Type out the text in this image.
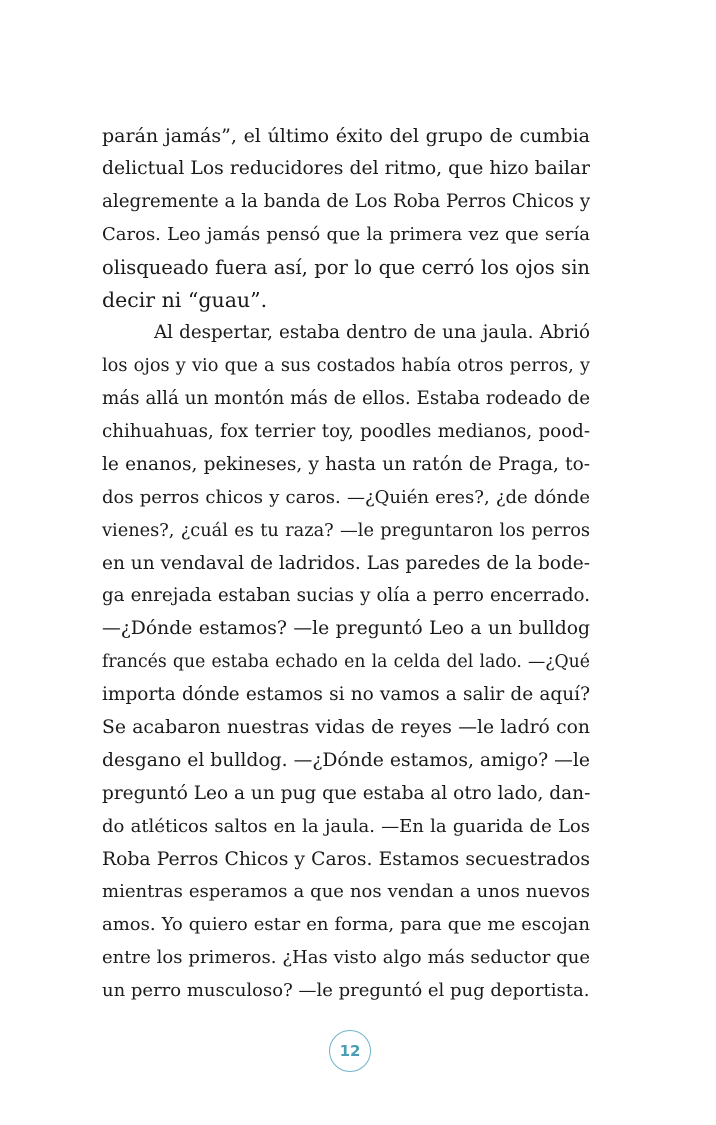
parán jamás”, el último éxito del grupo de cumbia
delictual Los reducidores del ritmo, que hizo bailar
alegremente a la banda de Los Roba Perros Chicos y
Caros. Leo jamás pensó que la primera vez que sería
olisqueado fuera así, por lo que cerró los ojos sin
decir ni “guau”.
Al despertar, estaba dentro de una jaula. Abrió
los ojos y vio que a sus costados había otros perros, y
más allá un montón más de ellos. Estaba rodeado de
chihuahuas, fox terrier toy, poodles medianos, pood-
le enanos, pekineses, y hasta un ratón de Praga, to-
dos perros chicos y caros. —¿Quién eres?, ¿de dónde
vienes?, ¿cuál es tu raza? —le preguntaron los perros
en un vendaval de ladridos. Las paredes de la bode-
ga enrejada estaban sucias y olía a perro encerrado.
—¿Dónde estamos? —le preguntó Leo a un bulldog
francés que estaba echado en la celda del lado. —¿Qué
importa dónde estamos si no vamos a salir de aquí?
Se acabaron nuestras vidas de reyes —le ladró con
desgano el bulldog. —¿Dónde estamos, amigo? —le
preguntó Leo a un pug que estaba al otro lado, dan-
do atléticos saltos en la jaula. —En la guarida de Los
Roba Perros Chicos y Caros. Estamos secuestrados
mientras esperamos a que nos vendan a unos nuevos
amos. Yo quiero estar en forma, para que me escojan
entre los primeros. ¿Has visto algo más seductor que
un perro musculoso? —le preguntó el pug deportista.
12
